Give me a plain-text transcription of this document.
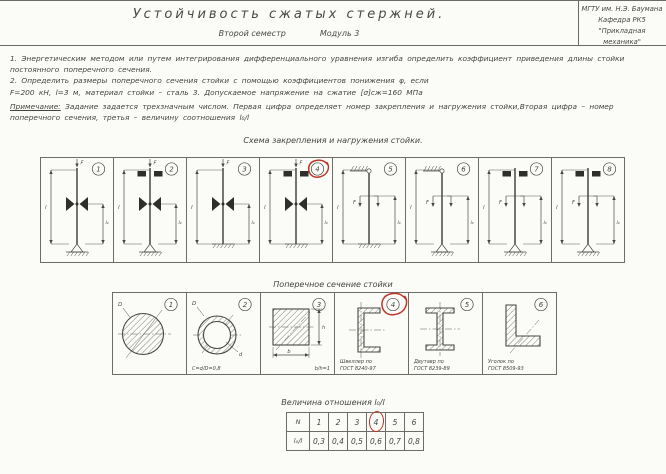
Устойчивость сжатых стержней.
Второй семестр	Модуль 3
МГТУ им. Н.Э. Баумана
Кафедра РК5
"Прикладная механика"

1. Энергетическим методом или путем интегрирования дифференциального уравнения изгиба определить коэффициент приведения длины стойки постоянного поперечного сечения.

2. Определить размеры поперечного сечения стойки с помощью коэффициентов понижения φ, если

F=200 кН, l=3 м, материал стойки – сталь 3. Допускаемое напряжение на сжатие [σ]сж=160 МПа

Примечание: Задание задается трехзначным числом. Первая цифра определяет номер закрепления и нагружения стойки,Вторая цифра – номер поперечного сечения, третья – величину соотношения l₀/l

Схема закрепления и нагружения стойки.
l
l₀
F
1
l
l₀
F
2
l
l₀
F
3
l
l₀
F
4
l
l₀
F
5
l
l₀
F
6
l
l₀
F
7
l
l₀
F
8
Поперечное сечение стойки
D	1	D
d
2
C=d/D=0,8
b
h
3
b/h=1
4
Швеллер по
ГОСТ 8240-97
5
Двутавр по
ГОСТ 8239-89
6
Уголок по
ГОСТ 8509-93
Величина отношения l₀/l
N	1	2	3	4	5	6
l₀/l	0,3	0,4	0,5	0,6	0,7	0,8
